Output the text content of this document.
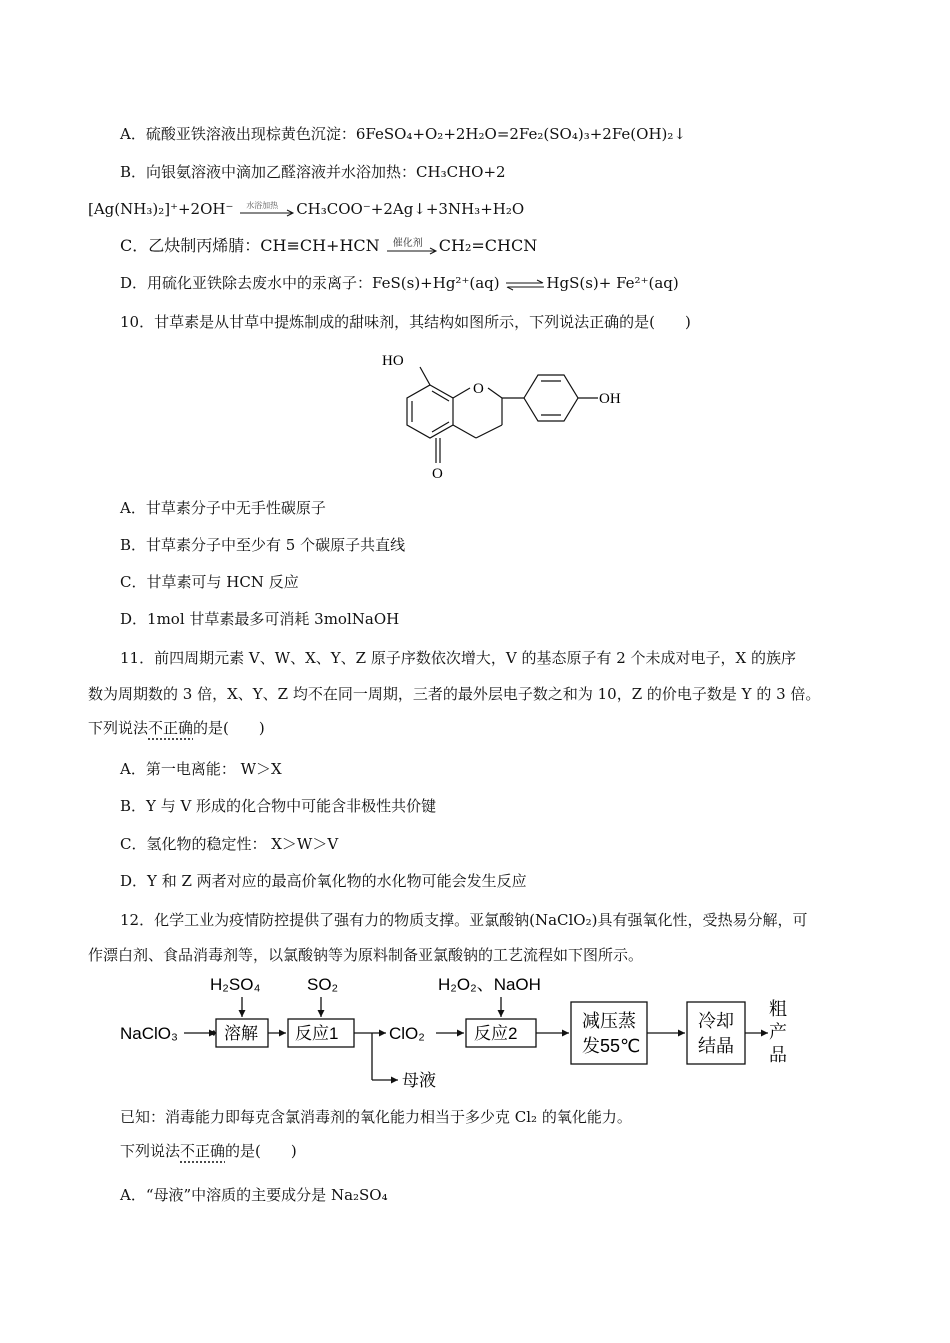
A．硫酸亚铁溶液出现棕黄色沉淀：6FeSO₄+O₂+2H₂O=2Fe₂(SO₄)₃+2Fe(OH)₂↓
B．向银氨溶液中滴加乙醛溶液并水浴加热：CH₃CHO+2
[Ag(NH₃)₂]⁺+2OH⁻ 水浴加热 CH₃COO⁻+2Ag↓+3NH₃+H₂O
C．乙炔制丙烯腈：CH≡CH+HCN 催化剂 CH₂=CHCN
D．用硫化亚铁除去废水中的汞离子：FeS(s)+Hg²⁺(aq) ⇌HgS(s)+ Fe²⁺(aq)
10．甘草素是从甘草中提炼制成的甜味剂，其结构如图所示，下列说法正确的是(　　)
HO
O
OH
O
A．甘草素分子中无手性碳原子
B．甘草素分子中至少有 5 个碳原子共直线
C．甘草素可与 HCN 反应
D．1mol 甘草素最多可消耗 3molNaOH
11．前四周期元素 V、W、X、Y、Z 原子序数依次增大，V 的基态原子有 2 个未成对电子，X 的族序
数为周期数的 3 倍，X、Y、Z 均不在同一周期，三者的最外层电子数之和为 10，Z 的价电子数是 Y 的 3 倍。
下列说法不正确的是(　　)
A．第一电离能： W＞X
B．Y 与 V 形成的化合物中可能含非极性共价键
C．氢化物的稳定性： X＞W＞V
D．Y 和 Z 两者对应的最高价氧化物的水化物可能会发生反应
12．化学工业为疫情防控提供了强有力的物质支撑。亚氯酸钠(NaClO₂)具有强氧化性，受热易分解，可
作漂白剂、食品消毒剂等，以氯酸钠等为原料制备亚氯酸钠的工艺流程如下图所示。
NaClO₃
H₂SO₄	SO₂	H₂O₂、NaOH
溶解 反应1	ClO₂	反应2
减压蒸
发55℃
冷却
结晶
粗
产
品
母液
已知：消毒能力即每克含氯消毒剂的氧化能力相当于多少克 Cl₂ 的氧化能力。
下列说法不正确的是(　　)
A．“母液”中溶质的主要成分是 Na₂SO₄
